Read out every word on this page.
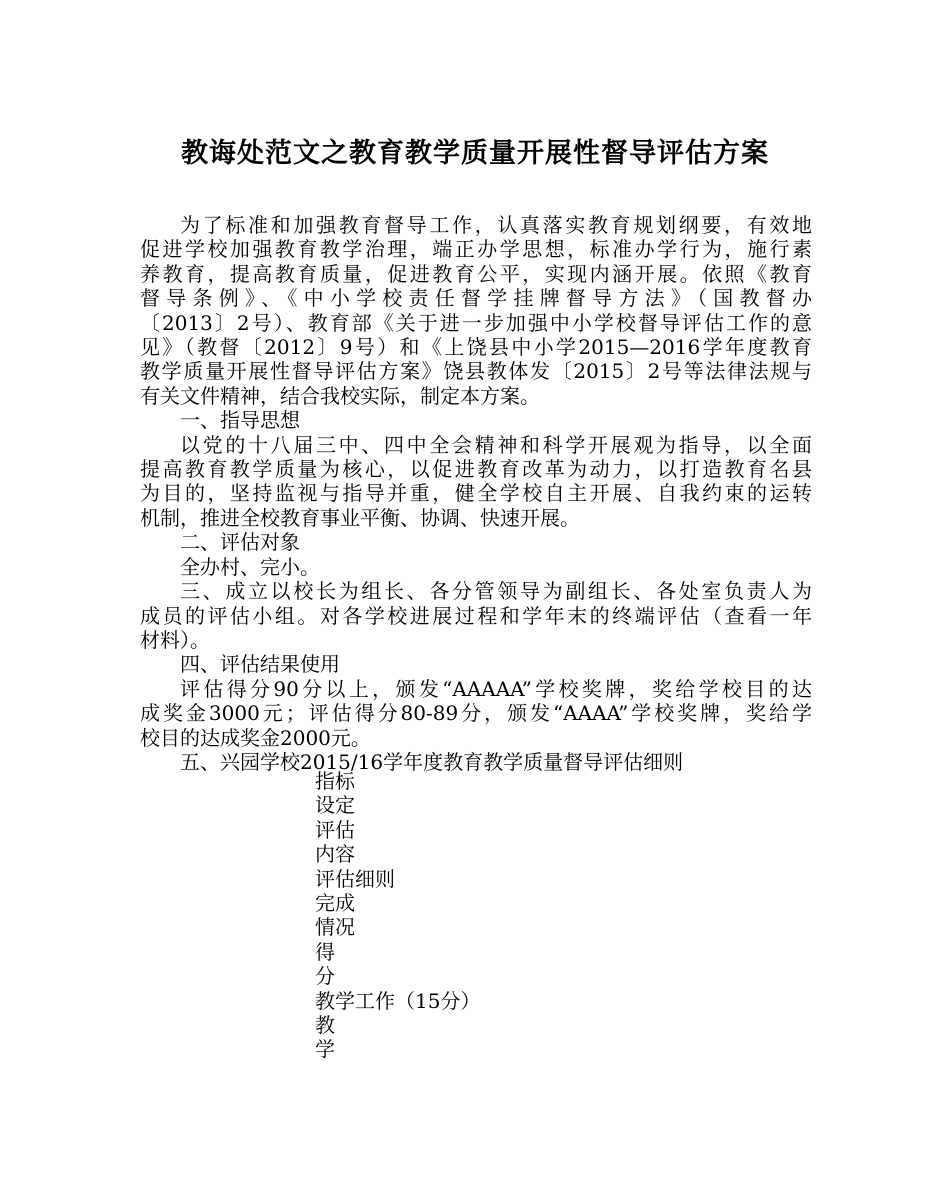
教诲处范文之教育教学质量开展性督导评估方案
为了标准和加强教育督导工作，认真落实教育规划纲要，有效地
促进学校加强教育教学治理，端正办学思想，标准办学行为，施行素
养教育，提高教育质量，促进教育公平，实现内涵开展。依照《教育
督导条例》、《中小学校责任督学挂牌督导方法》（国教督办
〔2013〕2号）、教育部《关于进一步加强中小学校督导评估工作的意
见》（教督〔2012〕9号）和《上饶县中小学2015—2016学年度教育
教学质量开展性督导评估方案》饶县教体发〔2015〕2号等法律法规与
有关文件精神，结合我校实际，制定本方案。
一、指导思想
以党的十八届三中、四中全会精神和科学开展观为指导，以全面
提高教育教学质量为核心，以促进教育改革为动力，以打造教育名县
为目的，坚持监视与指导并重，健全学校自主开展、自我约束的运转
机制，推进全校教育事业平衡、协调、快速开展。
二、评估对象
全办村、完小。
三、成立以校长为组长、各分管领导为副组长、各处室负责人为
成员的评估小组。对各学校进展过程和学年末的终端评估（查看一年
材料）。
四、评估结果使用
评估得分90分以上，颁发“AAAAA”学校奖牌，奖给学校目的达
成奖金3000元；评估得分80-89分，颁发“AAAA”学校奖牌，奖给学
校目的达成奖金2000元。
五、兴园学校2015/16学年度教育教学质量督导评估细则
指标
设定
评估
内容
评估细则
完成
情况
得
分
教学工作（15分）
教
学
